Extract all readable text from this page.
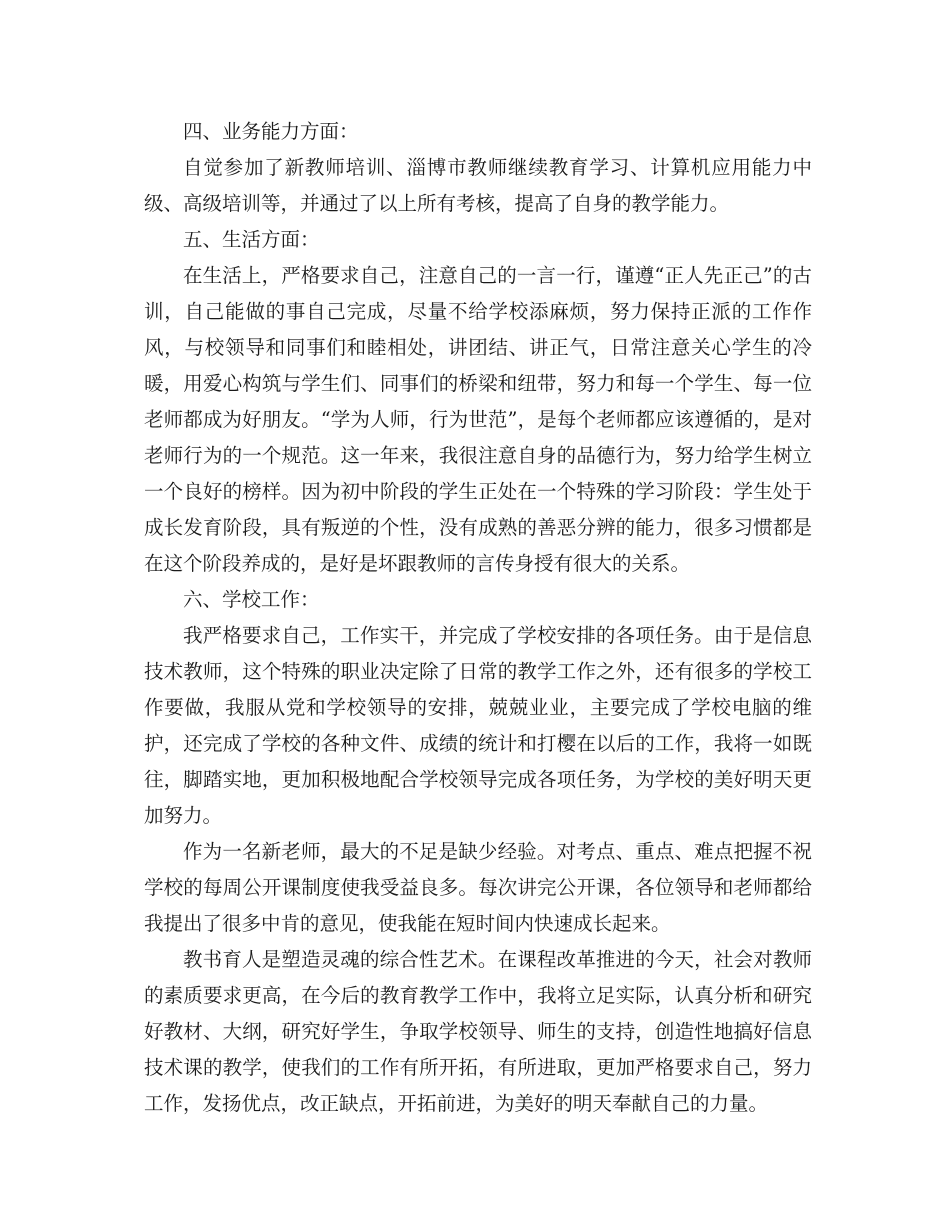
四、业务能力方面：

自觉参加了新教师培训、淄博市教师继续教育学习、计算机应用能力中级、高级培训等，并通过了以上所有考核，提高了自身的教学能力。

五、生活方面：

在生活上，严格要求自己，注意自己的一言一行，谨遵“正人先正己”的古训，自己能做的事自己完成，尽量不给学校添麻烦，努力保持正派的工作作风，与校领导和同事们和睦相处，讲团结、讲正气，日常注意关心学生的冷暖，用爱心构筑与学生们、同事们的桥梁和纽带，努力和每一个学生、每一位老师都成为好朋友。“学为人师，行为世范”，是每个老师都应该遵循的，是对老师行为的一个规范。这一年来，我很注意自身的品德行为，努力给学生树立一个良好的榜样。因为初中阶段的学生正处在一个特殊的学习阶段：学生处于成长发育阶段，具有叛逆的个性，没有成熟的善恶分辨的能力，很多习惯都是在这个阶段养成的，是好是坏跟教师的言传身授有很大的关系。

六、学校工作：

我严格要求自己，工作实干，并完成了学校安排的各项任务。由于是信息技术教师，这个特殊的职业决定除了日常的教学工作之外，还有很多的学校工作要做，我服从党和学校领导的安排，兢兢业业，主要完成了学校电脑的维护，还完成了学校的各种文件、成绩的统计和打樱在以后的工作，我将一如既往，脚踏实地，更加积极地配合学校领导完成各项任务，为学校的美好明天更加努力。

作为一名新老师，最大的不足是缺少经验。对考点、重点、难点把握不祝学校的每周公开课制度使我受益良多。每次讲完公开课，各位领导和老师都给我提出了很多中肯的意见，使我能在短时间内快速成长起来。

教书育人是塑造灵魂的综合性艺术。在课程改革推进的今天，社会对教师的素质要求更高，在今后的教育教学工作中，我将立足实际，认真分析和研究好教材、大纲，研究好学生，争取学校领导、师生的支持，创造性地搞好信息技术课的教学，使我们的工作有所开拓，有所进取，更加严格要求自己，努力工作，发扬优点，改正缺点，开拓前进，为美好的明天奉献自己的力量。
